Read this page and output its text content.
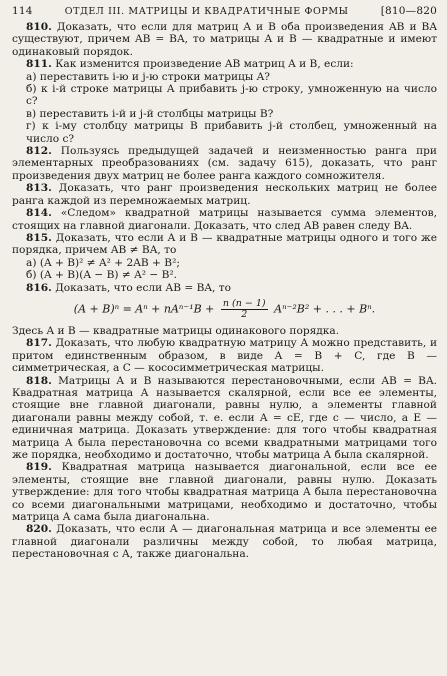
114	ОТДЕЛ III. МАТРИЦЫ И КВАДРАТИЧНЫЕ ФОРМЫ	[810—820

810. Доказать, что если для матриц A и B оба произведения AB и BA существуют, причем AB = BA, то матрицы A и B — квадратные и имеют одинаковый порядок.

811. Как изменится произведение AB матриц A и B, если:

а) переставить i-ю и j-ю строки матрицы A?

б) к i-й строке матрицы A прибавить j-ю строку, умноженную на число c?

в) переставить i-й и j-й столбцы матрицы B?

г) к i-му столбцу матрицы B прибавить j-й столбец, умноженный на число c?

812. Пользуясь предыдущей задачей и неизменностью ранга при элементарных преобразованиях (см. задачу 615), доказать, что ранг произведения двух матриц не более ранга каждого сомножителя.

813. Доказать, что ранг произведения нескольких матриц не более ранга каждой из перемножаемых матриц.

814. «Следом» квадратной матрицы называется сумма элементов, стоящих на главной диагонали. Доказать, что след AB равен следу BA.

815. Доказать, что если A и B — квадратные матрицы одного и того же порядка, причем AB ≠ BA, то

а) (A + B)² ≠ A² + 2AB + B²;

б) (A + B)(A − B) ≠ A² − B².

816. Доказать, что если AB = BA, то

$(A + B)^n = A^n + nA^{n-1}B + \frac{n (n - 1)}{2} A^{n-2}B^2$ + . . . + Bⁿ.

Здесь A и B — квадратные матрицы одинакового порядка.

817. Доказать, что любую квадратную матрицу A можно представить, и притом единственным образом, в виде A = B + C, где B — симметрическая, а C — кососимметрическая матрицы.

818. Матрицы A и B называются перестановочными, если AB = BA. Квадратная матрица A называется скалярной, если все ее элементы, стоящие вне главной диагонали, равны нулю, а элементы главной диагонали равны между собой, т. е. если A = cE, где c — число, а E — единичная матрица. Доказать утверждение: для того чтобы квадратная матрица A была перестановочна со всеми квадратными матрицами того же порядка, необходимо и достаточно, чтобы матрица A была скалярной.

819. Квадратная матрица называется диагональной, если все ее элементы, стоящие вне главной диагонали, равны нулю. Доказать утверждение: для того чтобы квадратная матрица A была перестановочна со всеми диагональными матрицами, необходимо и достаточно, чтобы матрица A сама была диагональна.

820. Доказать, что если A — диагональная матрица и все элементы ее главной диагонали различны между собой, то любая матрица, перестановочная с A, также диагональна.
